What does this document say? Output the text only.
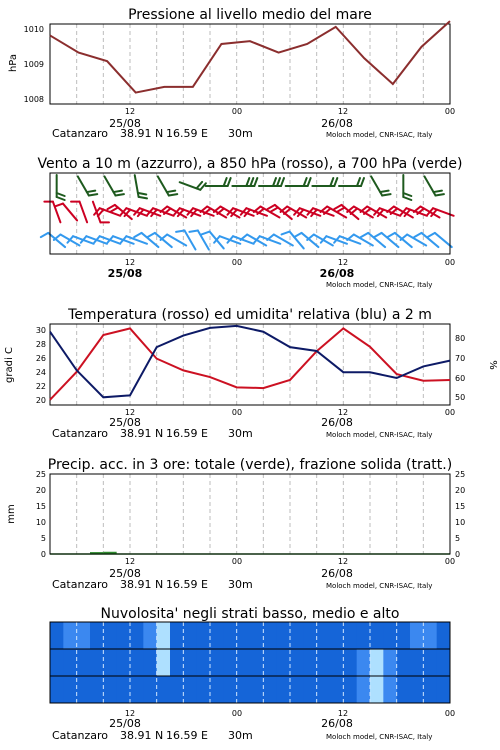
Pressione al livello medio del mare
hPa
1010
1009
1008
12	00	12	00
25/08	26/08
Catanzaro 38.91 N 16.59 E 30m	Moloch model, CNR-ISAC, Italy
Vento a 10 m (azzurro), a 850 hPa (rosso), a 700 hPa (verde)
12	00	12	00
25/08	26/08
Moloch model, CNR-ISAC, Italy
Temperatura (rosso) ed umidita' relativa (blu) a 2 m
gradi C	%
30
28
26
24
22
20
80
70
60
50
12	00	12	00
25/08	26/08
Catanzaro 38.91 N 16.59 E 30m	Moloch model, CNR-ISAC, Italy
Precip. acc. in 3 ore: totale (verde), frazione solida (tratt.)
mm
25
20
15
10
5
0
25
20
15
10
5
0
12	00	12	00
25/08	26/08
Catanzaro 38.91 N 16.59 E 30m	Moloch model, CNR-ISAC, Italy
Nuvolosita' negli strati basso, medio e alto
12	00	12	00
25/08	26/08
Catanzaro 38.91 N 16.59 E 30m	Moloch model, CNR-ISAC, Italy
